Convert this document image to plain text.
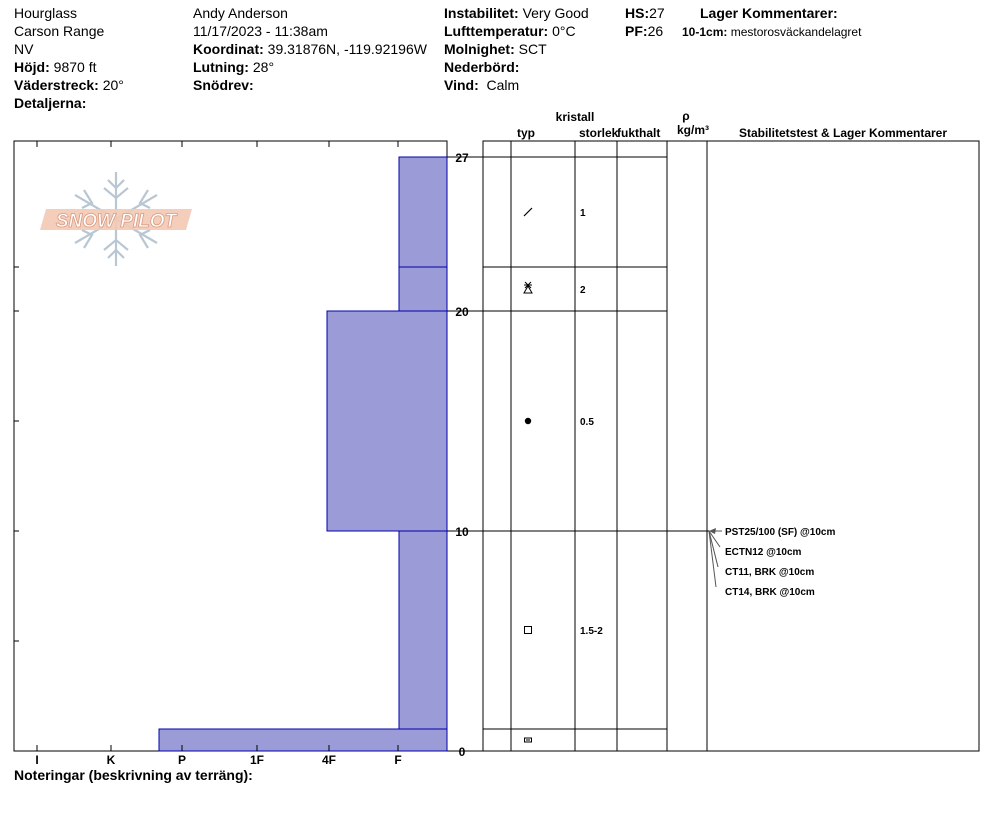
Hourglass
Carson Range
NV
Höjd: 9870 ft
Väderstreck: 20°
Detaljerna:
Andy Anderson
11/17/2023 - 11:38am
Koordinat: 39.31876N, -119.92196W
Lutning: 28°
Snödrev:
Instabilitet: Very Good
Lufttemperatur: 0°C
Molnighet: SCT
Nederbörd:
Vind: Calm
HS:27
PF:26
Lager Kommentarer:
10-1cm: mestorosväckandelagret
Noteringar (beskrivning av terräng):
SNOW PILOT
I	K	P	1F	4F	F
27
20
10
0
1
2
0.5
1.5-2
PST25/100 (SF) @10cm
ECTN12 @10cm
CT11, BRK @10cm
CT14, BRK @10cm
kristall
typ	storlek
fukthalt
ρ
kg/m³ Stabilitetstest & Lager Kommentarer
